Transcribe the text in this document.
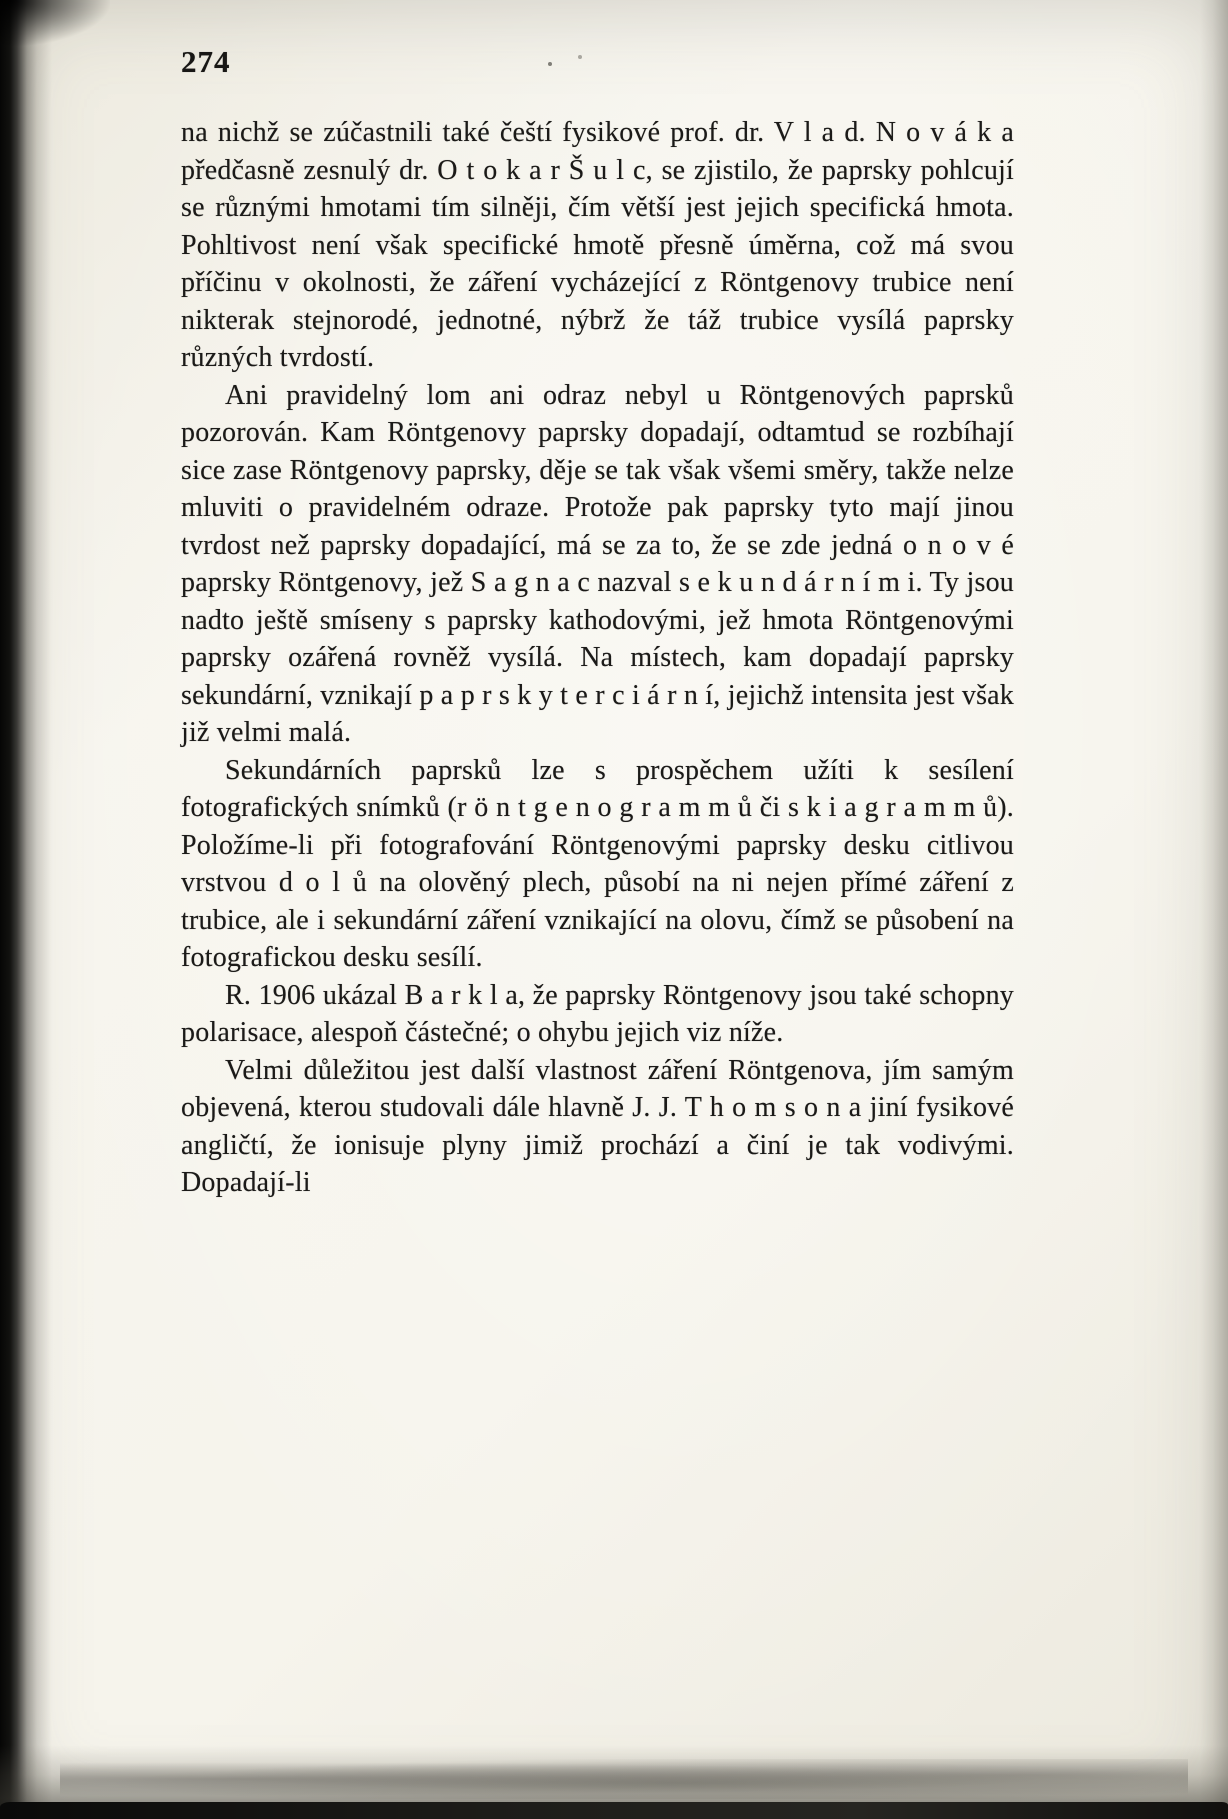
274

na nichž se zúčastnili také čeští fysikové prof. dr. V l a d. N o v á k a předčasně zesnulý dr. O t o k a r Š u l c, se zjistilo, že paprsky pohlcují se různými hmotami tím silněji, čím větší jest jejich specifická hmota. Pohltivost není však specifické hmotě přesně úměrna, což má svou příčinu v okolnosti, že záření vycházející z Röntgenovy trubice není nikterak stejnorodé, jednotné, nýbrž že táž trubice vysílá paprsky různých tvrdostí.

Ani pravidelný lom ani odraz nebyl u Röntgenových paprsků pozorován. Kam Röntgenovy paprsky dopadají, odtamtud se rozbíhají sice zase Röntgenovy paprsky, děje se tak však všemi směry, takže nelze mluviti o pravidelném odraze. Protože pak paprsky tyto mají jinou tvrdost než paprsky dopadající, má se za to, že se zde jedná o n o v é paprsky Röntgenovy, jež S a g n a c nazval s e k u n d á r n í m i. Ty jsou nadto ještě smíseny s paprsky kathodovými, jež hmota Röntgenovými paprsky ozářená rovněž vysílá. Na místech, kam dopadají paprsky sekundární, vznikají p a p r s k y t e r c i á r n í, jejichž intensita jest však již velmi malá.

Sekundárních paprsků lze s prospěchem užíti k sesílení fotografických snímků (r ö n t g e n o g r a m m ů či s k i a g r a m m ů). Položíme-li při fotografování Röntgenovými paprsky desku citlivou vrstvou d o l ů na olověný plech, působí na ni nejen přímé záření z trubice, ale i sekundární záření vznikající na olovu, čímž se působení na fotografickou desku sesílí.

R. 1906 ukázal B a r k l a, že paprsky Röntgenovy jsou také schopny polarisace, alespoň částečné; o ohybu jejich viz níže.

Velmi důležitou jest další vlastnost záření Röntgenova, jím samým objevená, kterou studovali dále hlavně J. J. T h o m s o n a jiní fysikové angličtí, že ionisuje plyny jimiž prochází a činí je tak vodivými. Dopadají-li
